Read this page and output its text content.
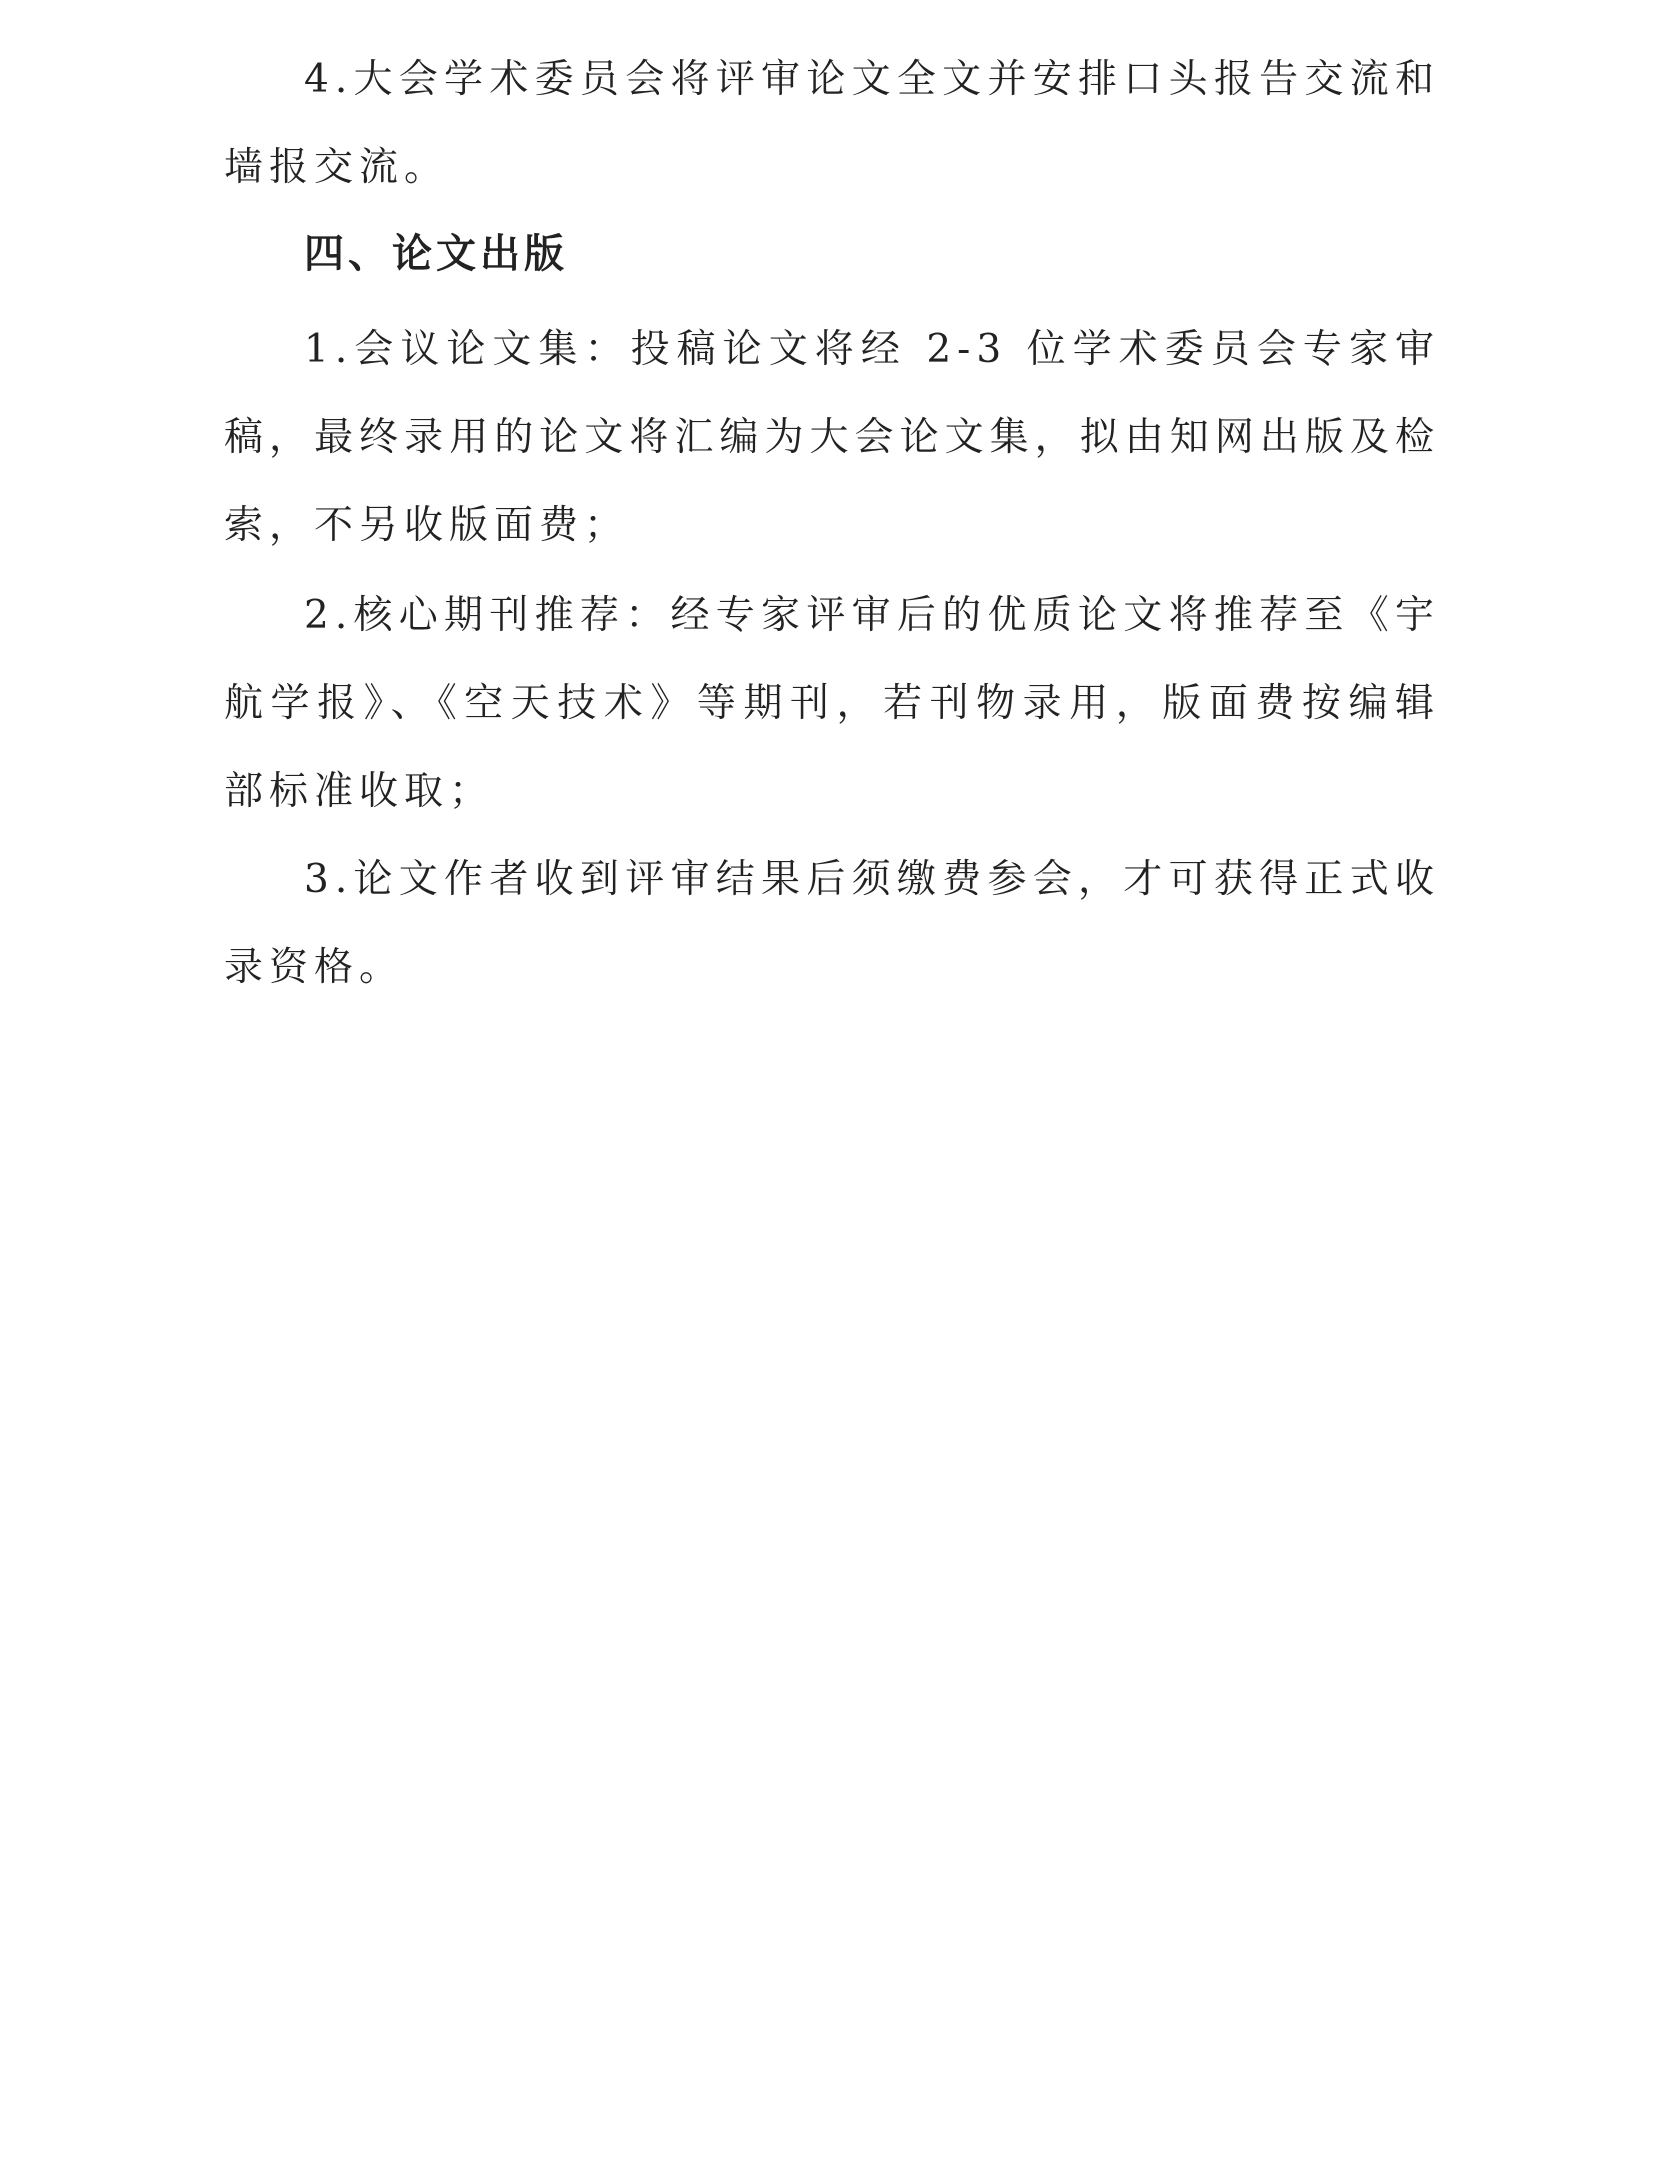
4.大会学术委员会将评审论文全文并安排口头报告交流和墙报交流。

四、论文出版

1.会议论文集：投稿论文将经 2-3 位学术委员会专家审稿，最终录用的论文将汇编为大会论文集，拟由知网出版及检索，不另收版面费；

2.核心期刊推荐：经专家评审后的优质论文将推荐至《宇航学报》、《空天技术》等期刊，若刊物录用，版面费按编辑部标准收取；

3.论文作者收到评审结果后须缴费参会，才可获得正式收录资格。
